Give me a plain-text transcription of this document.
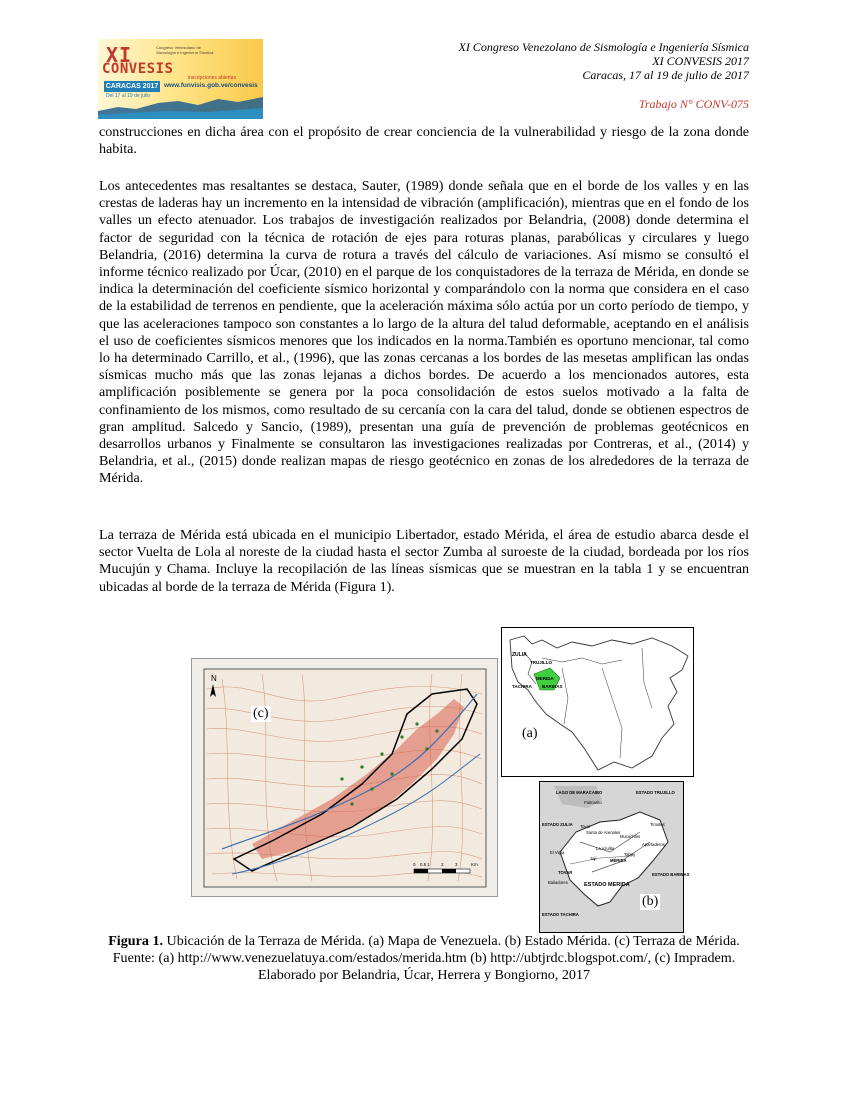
XI
CONVESIS
Congreso Venezolano de Sismología e Ingeniería Sísmica
CARACAS 2017
Del 17 al 19 de julio
inscripciones abiertas
www.funvisis.gob.ve/convesis
XI Congreso Venezolano de Sismología e Ingeniería Sísmica
XI CONVESIS 2017
Caracas, 17 al 19 de julio de 2017
Trabajo N° CONV-075

construcciones en dicha área con el propósito de crear conciencia de la vulnerabilidad y riesgo de la zona donde habita.

Los antecedentes mas resaltantes se destaca, Sauter, (1989) donde señala que en el borde de los valles y en las crestas de laderas hay un incremento en la intensidad de vibración (amplificación), mientras que en el fondo de los valles un efecto atenuador. Los trabajos de investigación realizados por Belandria, (2008) donde determina el factor de seguridad con la técnica de rotación de ejes para roturas planas, parabólicas y circulares y luego Belandria, (2016) determina la curva de rotura a través del cálculo de variaciones. Así mismo se consultó el informe técnico realizado por Úcar, (2010) en el parque de los conquistadores de la terraza de Mérida, en donde se indica la determinación del coeficiente sísmico horizontal y comparándolo con la norma que considera en el caso de la estabilidad de terrenos en pendiente, que la aceleración máxima sólo actúa por un corto período de tiempo, y que las aceleraciones tampoco son constantes a lo largo de la altura del talud deformable, aceptando en el análisis el uso de coeficientes sísmicos menores que los indicados en la norma.También es oportuno mencionar, tal como lo ha determinado Carrillo, et al., (1996), que las zonas cercanas a los bordes de las mesetas amplifican las ondas sísmicas mucho más que las zonas lejanas a dichos bordes. De acuerdo a los mencionados autores, esta amplificación posiblemente se genera por la poca consolidación de estos suelos motivado a la falta de confinamiento de los mismos, como resultado de su cercanía con la cara del talud, donde se obtienen espectros de gran amplitud. Salcedo y Sancio, (1989), presentan una guía de prevención de problemas geotécnicos en desarrollos urbanos y Finalmente se consultaron las investigaciones realizadas por Contreras, et al., (2014) y Belandria, et al., (2015) donde realizan mapas de riesgo geotécnico en zonas de los alrededores de la terraza de Mérida.

La terraza de Mérida está ubicada en el municipio Libertador, estado Mérida, el área de estudio abarca desde el sector Vuelta de Lola al noreste de la ciudad hasta el sector Zumba al suroeste de la ciudad, bordeada por los ríos Mucujún y Chama. Incluye la recopilación de las líneas sísmicas que se muestran en la tabla 1 y se encuentran ubicadas al borde de la terraza de Mérida (Figura 1).

N
0 0.5 1	2	3	Km
(c)
ZULIA
TRUJILLO
MERIDA
TACHIRA BARINAS
(a)
LAGO DE MARACAIBO	ESTADO TRUJILLO
ESTADO ZULIA
ESTADO BARINAS
ESTADO MERIDA
ESTADO TACHIRA
Palmarito
Timotes
Tovar
Santa de Arenales
Mucuchíes
Apartaderos
El Vigía
La Azulita
Jají	MÉRIDA
Tabay
TOVAR
Bailadores
(b)

Figura 1. Ubicación de la Terraza de Mérida. (a) Mapa de Venezuela. (b) Estado Mérida. (c) Terraza de Mérida. Fuente: (a) http://www.venezuelatuya.com/estados/merida.htm (b) http://ubtjrdc.blogspot.com/, (c) Impradem. Elaborado por Belandria, Úcar, Herrera y Bongiorno, 2017
